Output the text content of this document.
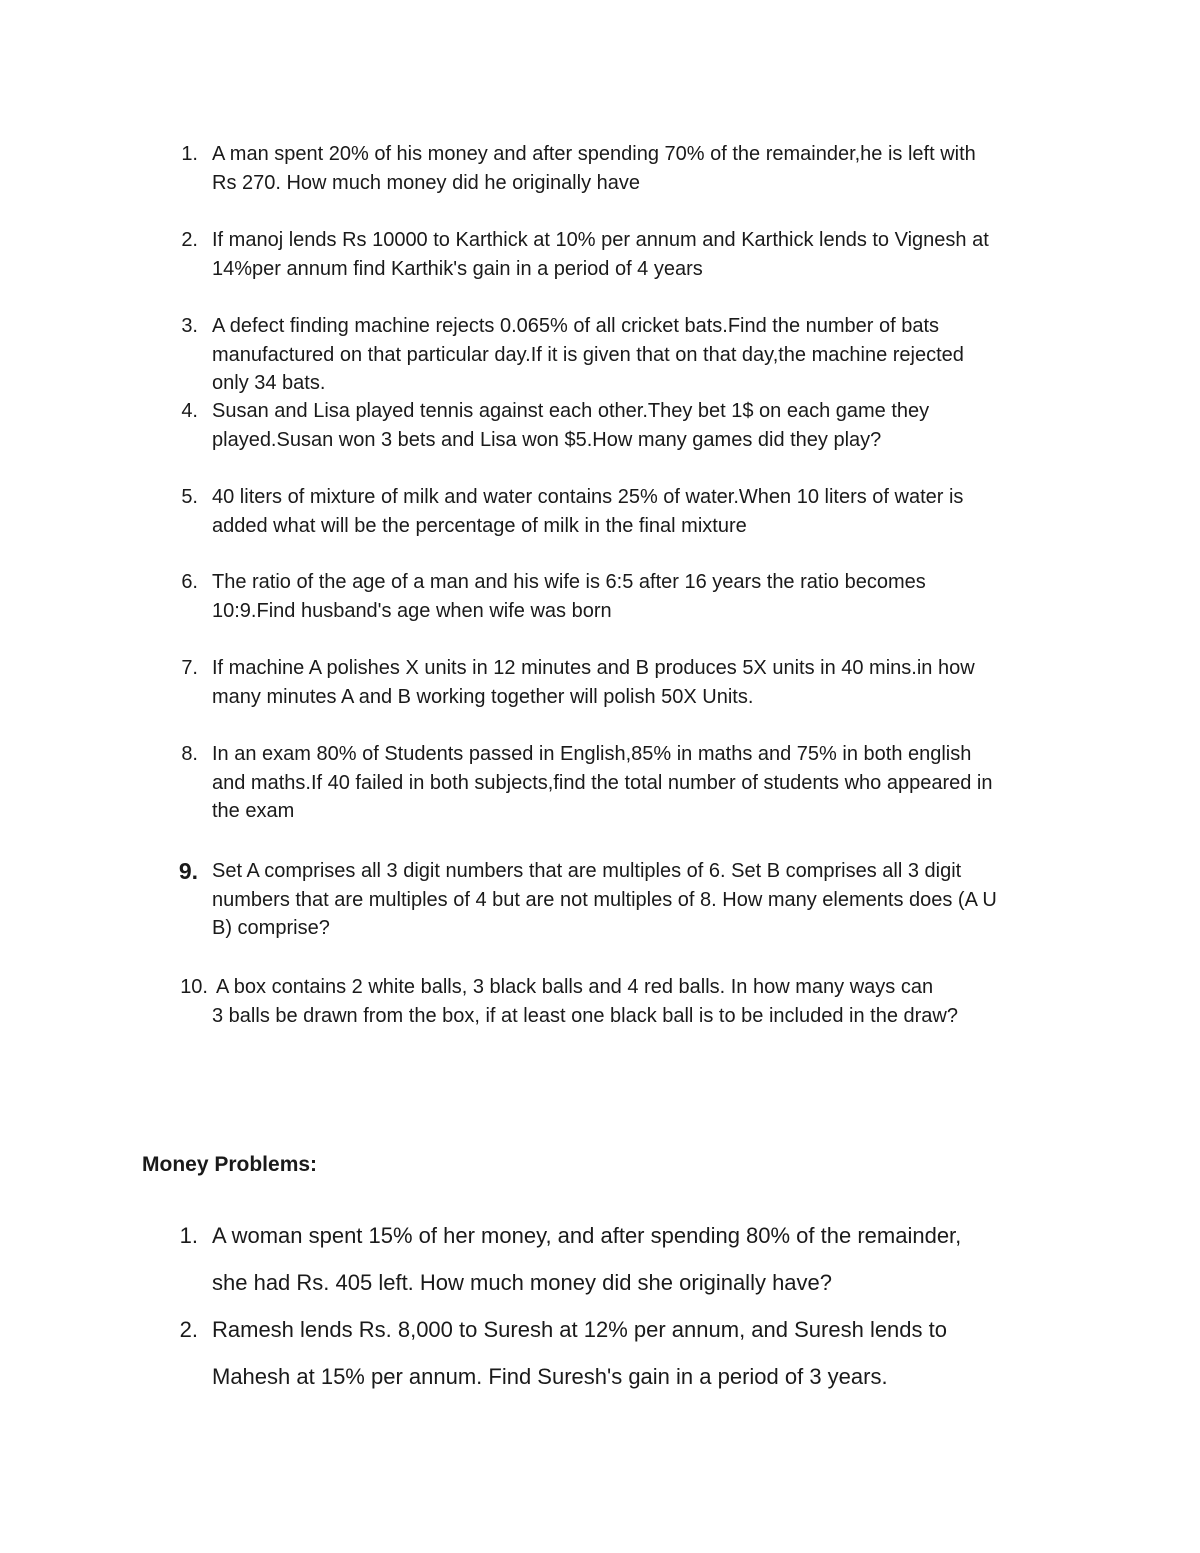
1. A man spent 20% of his money and after spending 70% of the remainder,he is left with
Rs 270. How much money did he originally have
2. If manoj lends Rs 10000 to Karthick at 10% per annum and Karthick lends to Vignesh at
14%per annum find Karthik's gain in a period of 4 years
3. A defect finding machine rejects 0.065% of all cricket bats.Find the number of bats
manufactured on that particular day.If it is given that on that day,the machine rejected
only 34 bats.
4. Susan and Lisa played tennis against each other.They bet 1$ on each game they
played.Susan won 3 bets and Lisa won $5.How many games did they play?
5. 40 liters of mixture of milk and water contains 25% of water.When 10 liters of water is
added what will be the percentage of milk in the final mixture
6. The ratio of the age of a man and his wife is 6:5 after 16 years the ratio becomes
10:9.Find husband's age when wife was born
7. If machine A polishes X units in 12 minutes and B produces 5X units in 40 mins.in how
many minutes A and B working together will polish 50X Units.
8. In an exam 80% of Students passed in English,85% in maths and 75% in both english
and maths.If 40 failed in both subjects,find the total number of students who appeared in
the exam
9. Set A comprises all 3 digit numbers that are multiples of 6. Set B comprises all 3 digit
numbers that are multiples of 4 but are not multiples of 8. How many elements does (A U
B) comprise?
10. A box contains 2 white balls, 3 black balls and 4 red balls. In how many ways can
3 balls be drawn from the box, if at least one black ball is to be included in the draw?
Money Problems:
1. A woman spent 15% of her money, and after spending 80% of the remainder,
she had Rs. 405 left. How much money did she originally have?
2. Ramesh lends Rs. 8,000 to Suresh at 12% per annum, and Suresh lends to
Mahesh at 15% per annum. Find Suresh's gain in a period of 3 years.
